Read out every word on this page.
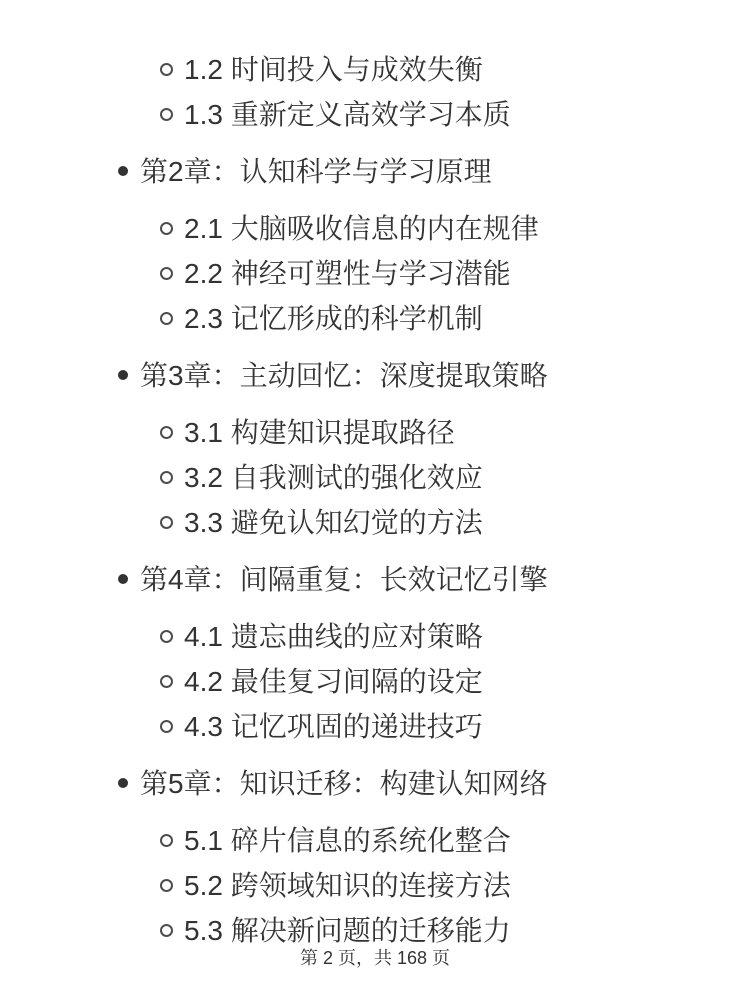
1.2 时间投入与成效失衡
1.3 重新定义高效学习本质
第2章：认知科学与学习原理
2.1 大脑吸收信息的内在规律
2.2 神经可塑性与学习潜能
2.3 记忆形成的科学机制
第3章：主动回忆：深度提取策略
3.1 构建知识提取路径
3.2 自我测试的强化效应
3.3 避免认知幻觉的方法
第4章：间隔重复：长效记忆引擎
4.1 遗忘曲线的应对策略
4.2 最佳复习间隔的设定
4.3 记忆巩固的递进技巧
第5章：知识迁移：构建认知网络
5.1 碎片信息的系统化整合
5.2 跨领域知识的连接方法
5.3 解决新问题的迁移能力
第 2 页，共 168 页
